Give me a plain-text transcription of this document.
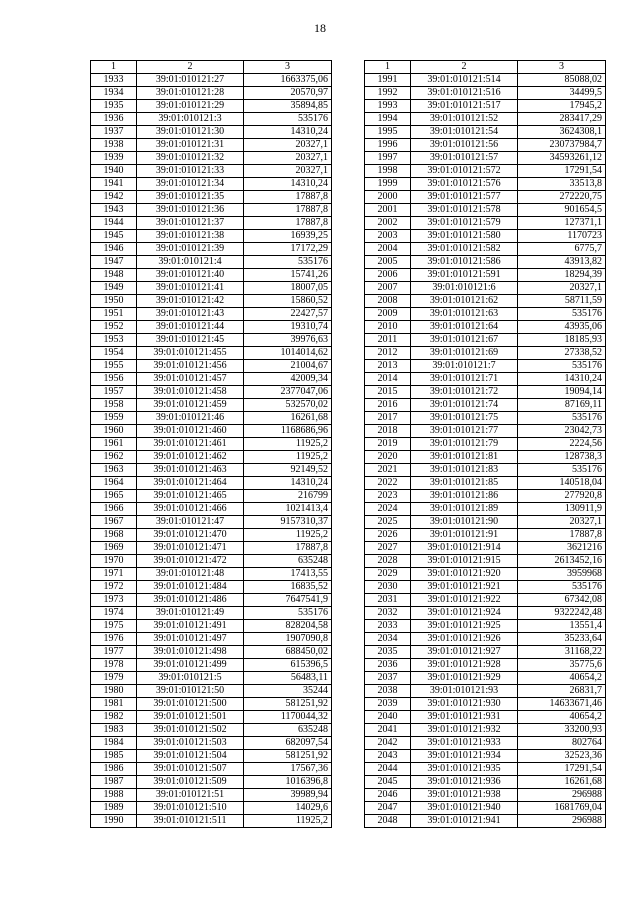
18
1	2	3
1933	39:01:010121:27	1663375,06
1934	39:01:010121:28	20570,97
1935	39:01:010121:29	35894,85
1936	39:01:010121:3	535176
1937	39:01:010121:30	14310,24
1938	39:01:010121:31	20327,1
1939	39:01:010121:32	20327,1
1940	39:01:010121:33	20327,1
1941	39:01:010121:34	14310,24
1942	39:01:010121:35	17887,8
1943	39:01:010121:36	17887,8
1944	39:01:010121:37	17887,8
1945	39:01:010121:38	16939,25
1946	39:01:010121:39	17172,29
1947	39:01:010121:4	535176
1948	39:01:010121:40	15741,26
1949	39:01:010121:41	18007,05
1950	39:01:010121:42	15860,52
1951	39:01:010121:43	22427,57
1952	39:01:010121:44	19310,74
1953	39:01:010121:45	39976,63
1954	39:01:010121:455	1014014,62
1955	39:01:010121:456	21004,67
1956	39:01:010121:457	42009,34
1957	39:01:010121:458	2377047,06
1958	39:01:010121:459	532570,02
1959	39:01:010121:46	16261,68
1960	39:01:010121:460	1168686,96
1961	39:01:010121:461	11925,2
1962	39:01:010121:462	11925,2
1963	39:01:010121:463	92149,52
1964	39:01:010121:464	14310,24
1965	39:01:010121:465	216799
1966	39:01:010121:466	1021413,4
1967	39:01:010121:47	9157310,37
1968	39:01:010121:470	11925,2
1969	39:01:010121:471	17887,8
1970	39:01:010121:472	635248
1971	39:01:010121:48	17413,55
1972	39:01:010121:484	16835,52
1973	39:01:010121:486	7647541,9
1974	39:01:010121:49	535176
1975	39:01:010121:491	828204,58
1976	39:01:010121:497	1907090,8
1977	39:01:010121:498	688450,02
1978	39:01:010121:499	615396,5
1979	39:01:010121:5	56483,11
1980	39:01:010121:50	35244
1981	39:01:010121:500	581251,92
1982	39:01:010121:501	1170044,32
1983	39:01:010121:502	635248
1984	39:01:010121:503	682097,54
1985	39:01:010121:504	581251,92
1986	39:01:010121:507	17567,36
1987	39:01:010121:509	1016396,8
1988	39:01:010121:51	39989,94
1989	39:01:010121:510	14029,6
1990	39:01:010121:511	11925,2
1	2	3
1991	39:01:010121:514	85088,02
1992	39:01:010121:516	34499,5
1993	39:01:010121:517	17945,2
1994	39:01:010121:52	283417,29
1995	39:01:010121:54	3624308,1
1996	39:01:010121:56	230737984,7
1997	39:01:010121:57	34593261,12
1998	39:01:010121:572	17291,54
1999	39:01:010121:576	33513,8
2000	39:01:010121:577	272220,75
2001	39:01:010121:578	901654,5
2002	39:01:010121:579	127371,1
2003	39:01:010121:580	1170723
2004	39:01:010121:582	6775,7
2005	39:01:010121:586	43913,82
2006	39:01:010121:591	18294,39
2007	39:01:010121:6	20327,1
2008	39:01:010121:62	58711,59
2009	39:01:010121:63	535176
2010	39:01:010121:64	43935,06
2011	39:01:010121:67	18185,93
2012	39:01:010121:69	27338,52
2013	39:01:010121:7	535176
2014	39:01:010121:71	14310,24
2015	39:01:010121:72	19094,14
2016	39:01:010121:74	87169,11
2017	39:01:010121:75	535176
2018	39:01:010121:77	23042,73
2019	39:01:010121:79	2224,56
2020	39:01:010121:81	128738,3
2021	39:01:010121:83	535176
2022	39:01:010121:85	140518,04
2023	39:01:010121:86	277920,8
2024	39:01:010121:89	130911,9
2025	39:01:010121:90	20327,1
2026	39:01:010121:91	17887,8
2027	39:01:010121:914	3621216
2028	39:01:010121:915	2613452,16
2029	39:01:010121:920	3959968
2030	39:01:010121:921	535176
2031	39:01:010121:922	67342,08
2032	39:01:010121:924	9322242,48
2033	39:01:010121:925	13551,4
2034	39:01:010121:926	35233,64
2035	39:01:010121:927	31168,22
2036	39:01:010121:928	35775,6
2037	39:01:010121:929	40654,2
2038	39:01:010121:93	26831,7
2039	39:01:010121:930	14633671,46
2040	39:01:010121:931	40654,2
2041	39:01:010121:932	33200,93
2042	39:01:010121:933	802764
2043	39:01:010121:934	32523,36
2044	39:01:010121:935	17291,54
2045	39:01:010121:936	16261,68
2046	39:01:010121:938	296988
2047	39:01:010121:940	1681769,04
2048	39:01:010121:941	296988
